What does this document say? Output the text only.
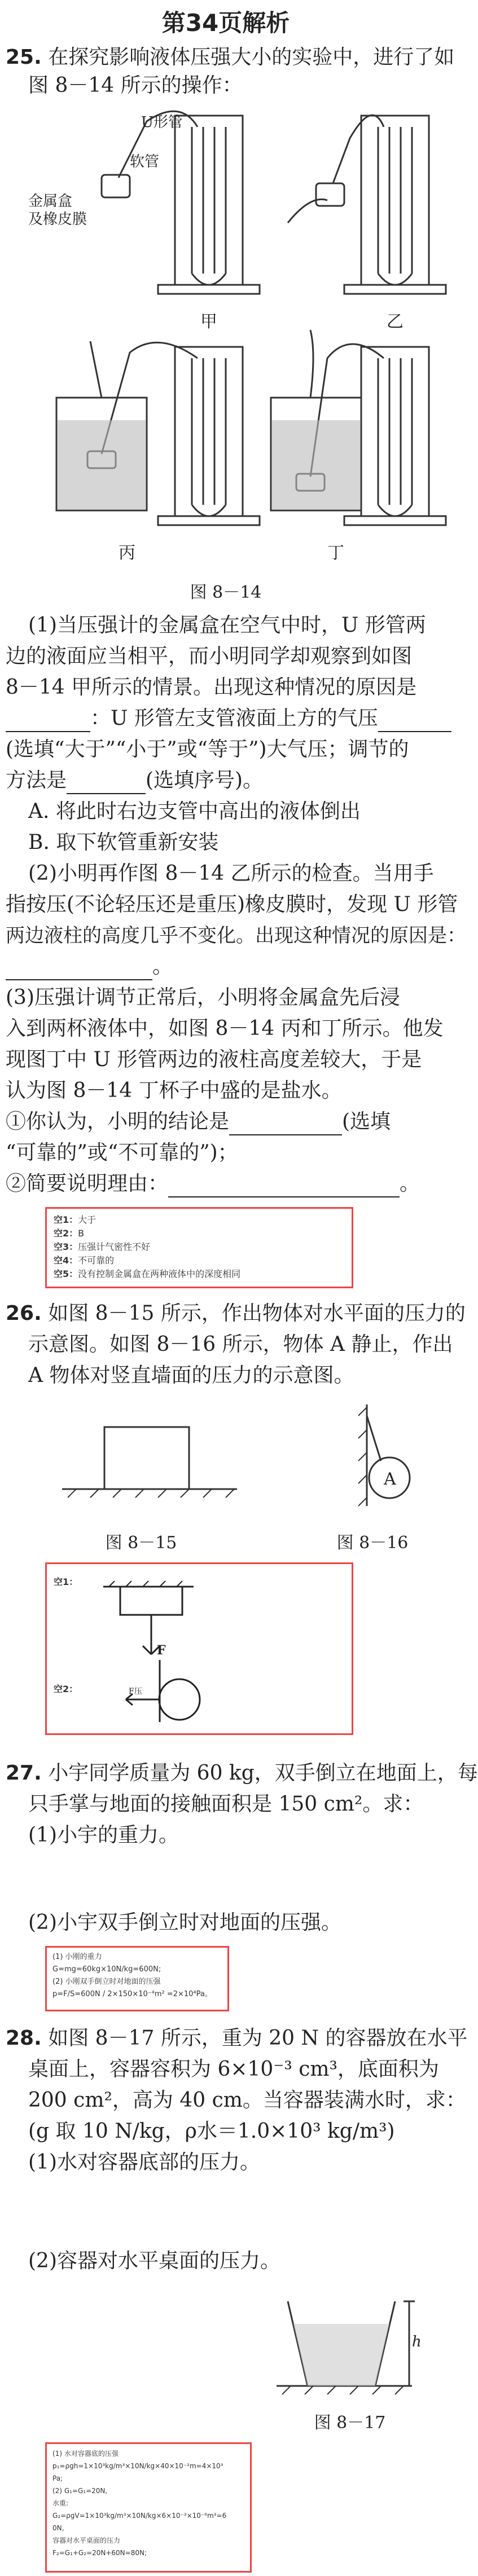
第34页解析
25. 在探究影响液体压强大小的实验中，进行了如
图 8－14 所示的操作：
U形管
软管
金属盒
及橡皮膜
甲	乙
丙	丁
图 8－14
(1)当压强计的金属盒在空气中时，U 形管两
边的液面应当相平，而小明同学却观察到如图
8－14 甲所示的情景。出现这种情况的原因是
：U 形管左支管液面上方的气压
(选填“大于”“小于”或“等于”)大气压；调节的
方法是	(选填序号)。
A. 将此时右边支管中高出的液体倒出
B. 取下软管重新安装
(2)小明再作图 8－14 乙所示的检查。当用手
指按压(不论轻压还是重压)橡皮膜时，发现 U 形管
两边液柱的高度几乎不变化。出现这种情况的原因是：
。
(3)压强计调节正常后，小明将金属盒先后浸
入到两杯液体中，如图 8－14 丙和丁所示。他发
现图丁中 U 形管两边的液柱高度差较大，于是
认为图 8－14 丁杯子中盛的是盐水。
①你认为，小明的结论是	(选填
“可靠的”或“不可靠的”)；
②简要说明理由：	。
空1：大于
空2：B
空3：压强计气密性不好
空4：不可靠的
空5：没有控制金属盒在两种液体中的深度相同
26. 如图 8－15 所示，作出物体对水平面的压力的
示意图。如图 8－16 所示，物体 A 静止，作出
A 物体对竖直墙面的压力的示意图。
A
图 8－15	图 8－16
空1：
空2：
F
F压
27. 小宇同学质量为 60 kg，双手倒立在地面上，每
只手掌与地面的接触面积是 150 cm²。求：
(1)小宇的重力。
(2)小宇双手倒立时对地面的压强。
(1) 小刚的重力
G=mg=60kg×10N/kg=600N;
(2) 小刚双手倒立时对地面的压强
p=F/S=600N / 2×150×10⁻⁴m² =2×10⁴Pa。
28. 如图 8－17 所示，重为 20 N 的容器放在水平
桌面上，容器容积为 6×10⁻³ cm³，底面积为
200 cm²，高为 40 cm。当容器装满水时，求：
(g 取 10 N/kg，ρ水＝1.0×10³ kg/m³)
(1)水对容器底部的压力。
(2)容器对水平桌面的压力。
h
图 8－17
(1) 水对容器底的压强
p₁=ρgh=1×10³kg/m³×10N/kg×40×10⁻²m=4×10³
Pa;
(2) G₁=G₁=20N,
水重:
G₂=ρgV=1×10³kg/m³×10N/kg×6×10⁻³×10⁻⁶m³=6
0N,
容器对水平桌面的压力
F₂=G₁+G₂=20N+60N=80N;
